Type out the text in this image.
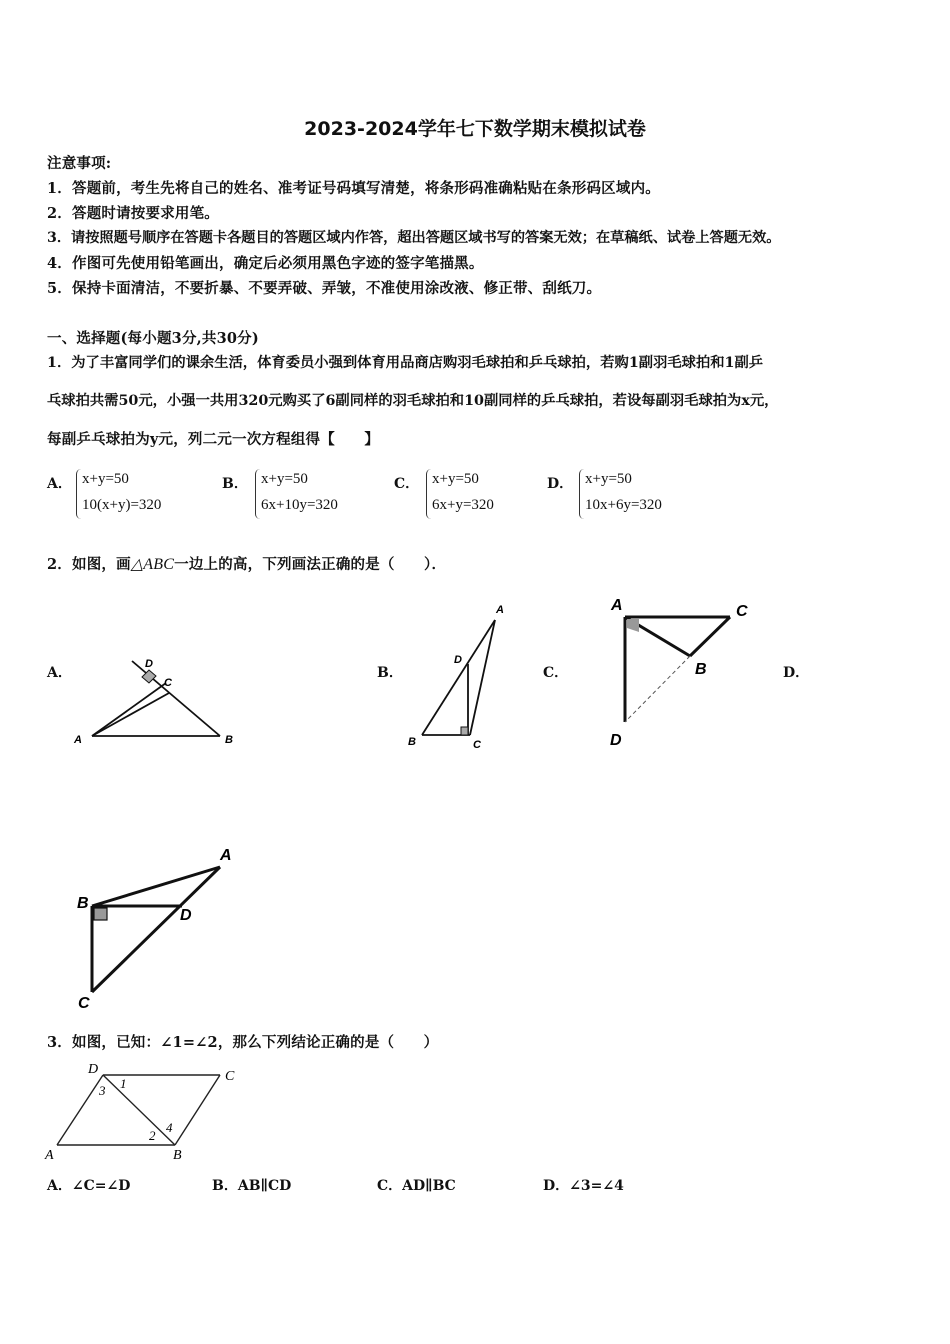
2023-2024学年七下数学期末模拟试卷
注意事项:
1．答题前，考生先将自己的姓名、准考证号码填写清楚，将条形码准确粘贴在条形码区域内。
2．答题时请按要求用笔。
3．请按照题号顺序在答题卡各题目的答题区域内作答，超出答题区域书写的答案无效；在草稿纸、试卷上答题无效。
4．作图可先使用铅笔画出，确定后必须用黑色字迹的签字笔描黑。
5．保持卡面清洁，不要折暴、不要弄破、弄皱，不准使用涂改液、修正带、刮纸刀。
一、选择题(每小题3分,共30分)
1．为了丰富同学们的课余生活，体育委员小强到体育用品商店购羽毛球拍和乒乓球拍，若购1副羽毛球拍和1副乒
乓球拍共需50元，小强一共用320元购买了6副同样的羽毛球拍和10副同样的乒乓球拍，若设每副羽毛球拍为x元，
每副乒乓球拍为y元，列二元一次方程组得【　　】
A． x+y=50
10(x+y)=320
B． x+y=50
6x+10y=320
C． x+y=50
6x+y=320
D． x+y=50
10x+6y=320
2．如图，画△ABC一边上的高，下列画法正确的是（　　）．
A．	B．	C．	D．
A	B
C
D
A
B	C
D
A
B
C
D
A
B
C
D
3．如图，已知：∠1=∠2，那么下列结论正确的是（　　）
D	C
A	B
1
3
2
4
A．∠C=∠D	B．AB∥CD	C．AD∥BC	D．∠3=∠4
